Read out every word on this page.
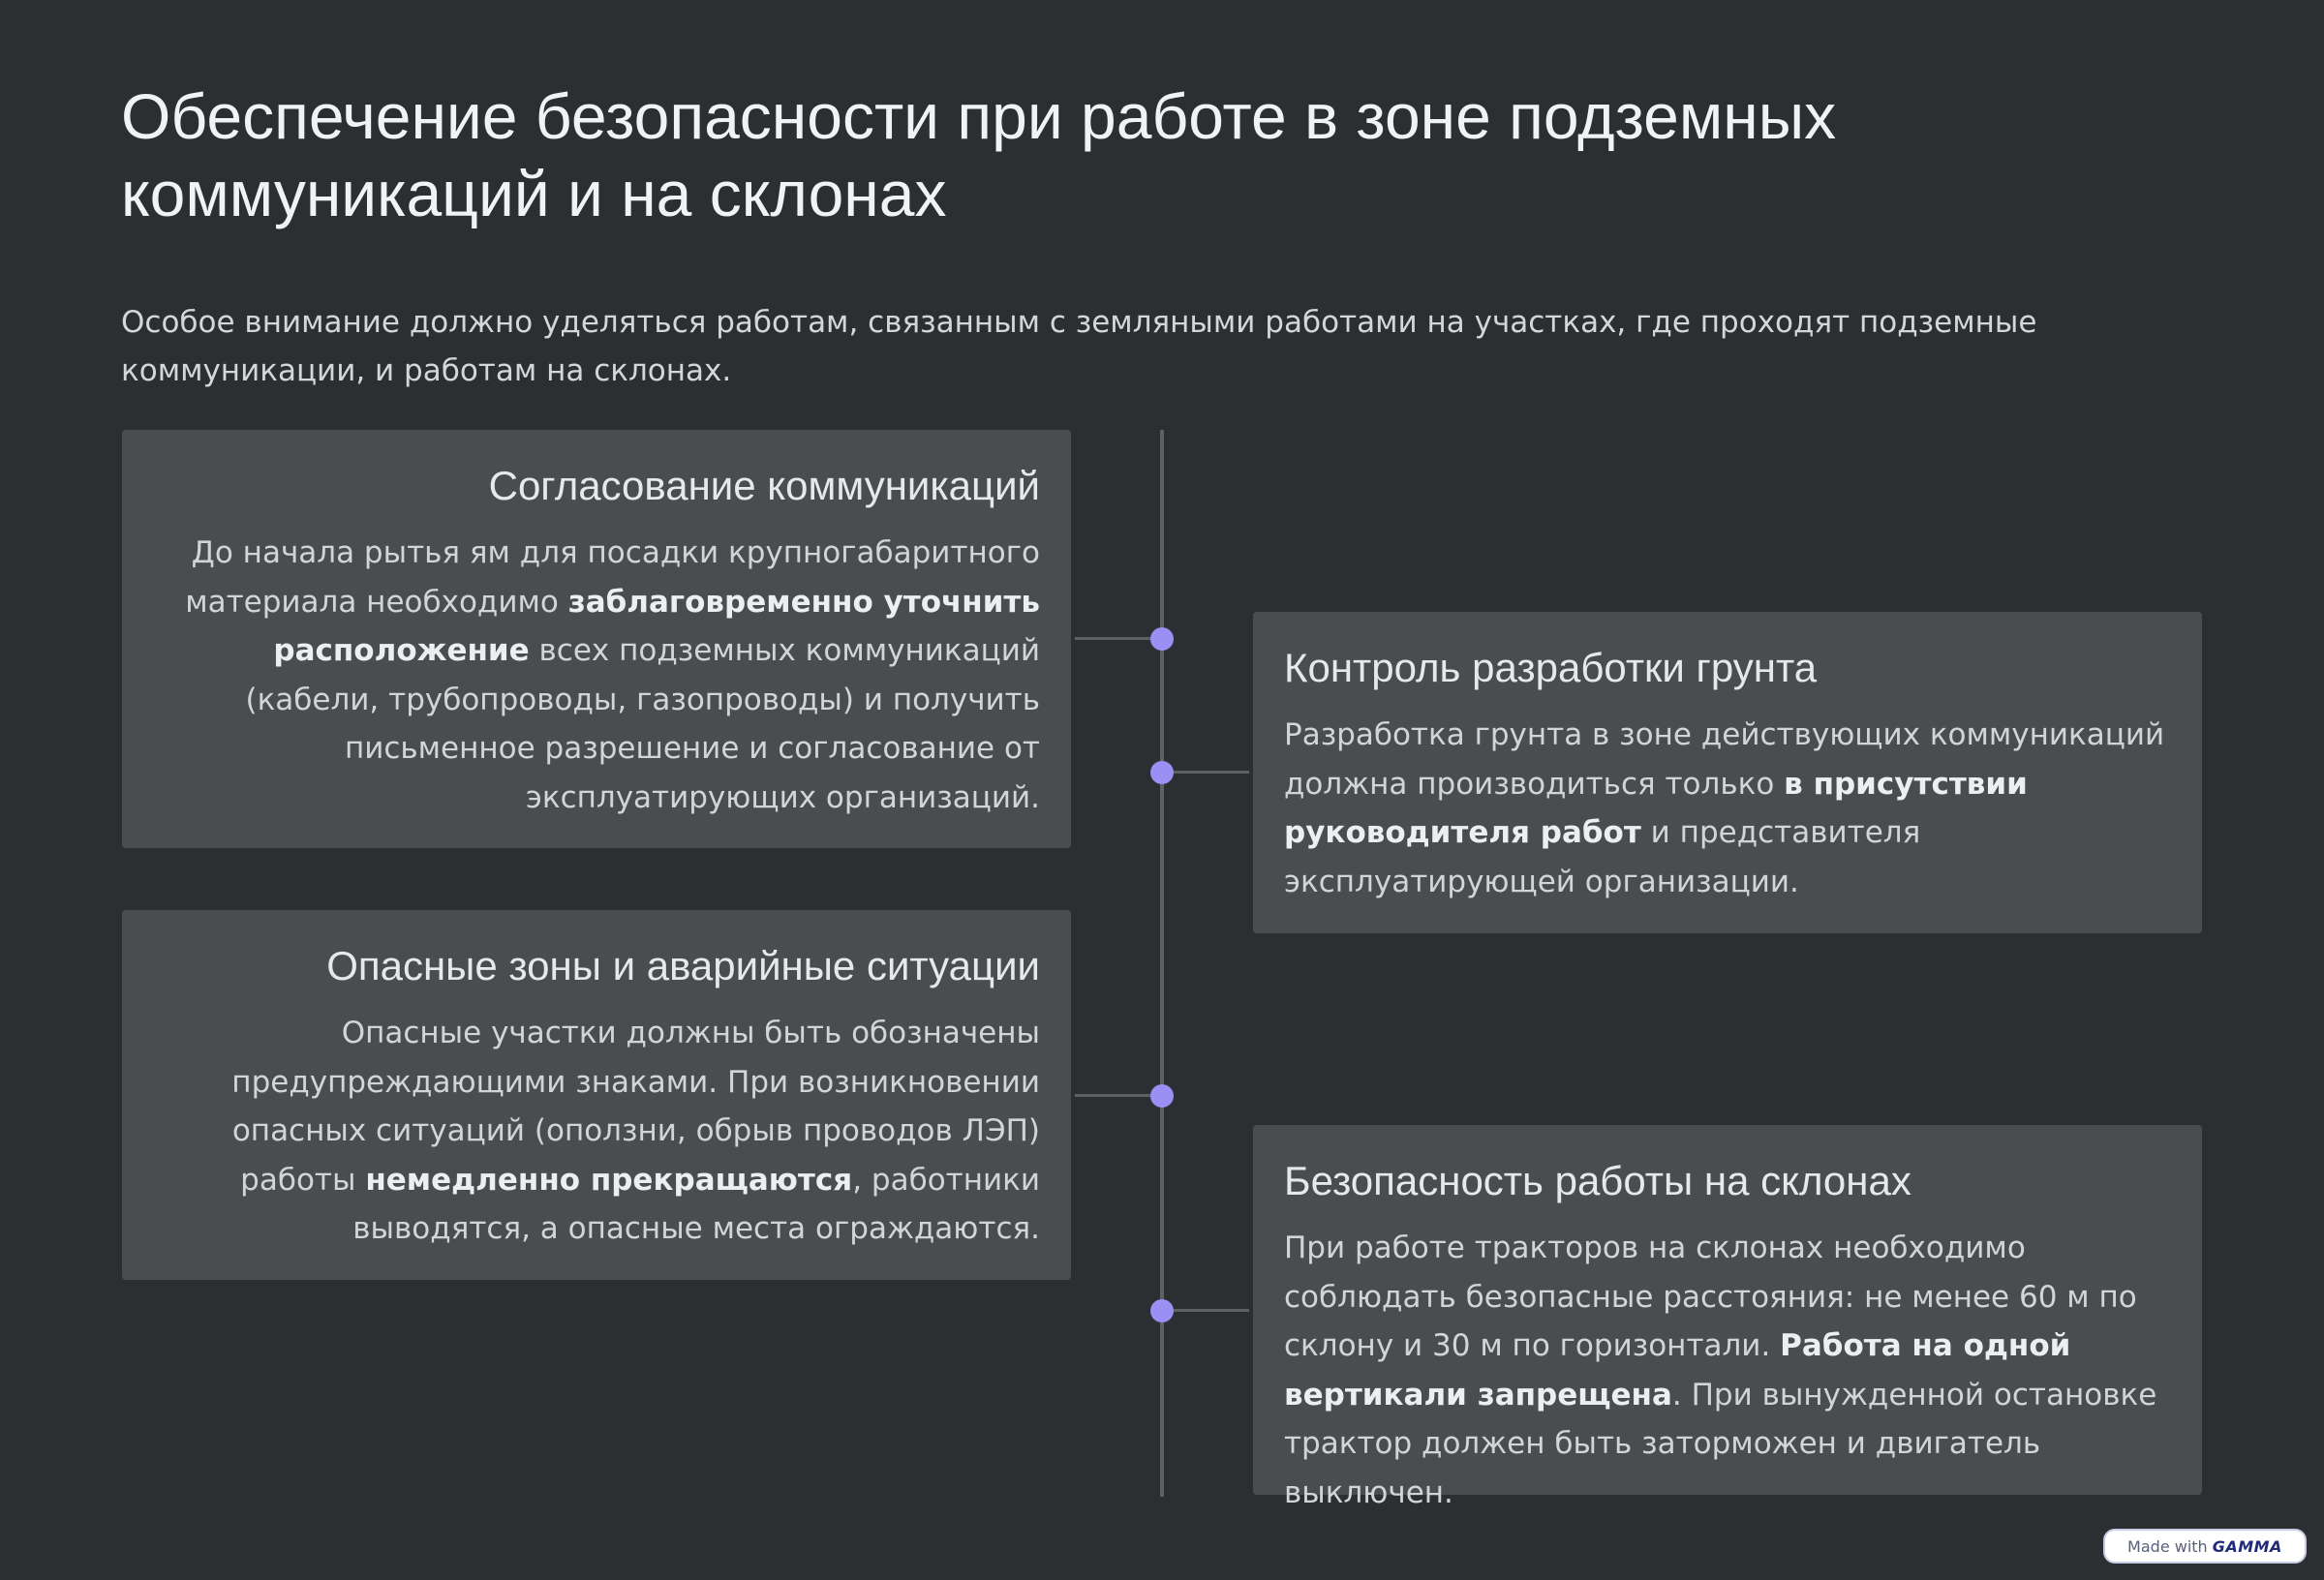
Обеспечение безопасности при работе в зоне подземных
коммуникаций и на склонах

Особое внимание должно уделяться работам, связанным с земляными работами на участках, где проходят подземные коммуникации, и работам на склонах.

Согласование коммуникаций

До начала рытья ям для посадки крупногабаритного материала необходимо заблаговременно уточнить расположение всех подземных коммуникаций (кабели, трубопроводы, газопроводы) и получить письменное разрешение и согласование от эксплуатирующих организаций.

Контроль разработки грунта

Разработка грунта в зоне действующих коммуникаций должна производиться только в присутствии руководителя работ и представителя эксплуатирующей организации.

Опасные зоны и аварийные ситуации

Опасные участки должны быть обозначены предупреждающими знаками. При возникновении опасных ситуаций (оползни, обрыв проводов ЛЭП) работы немедленно прекращаются, работники выводятся, а опасные места ограждаются.

Безопасность работы на склонах

При работе тракторов на склонах необходимо соблюдать безопасные расстояния: не менее 60 м по склону и 30 м по горизонтали. Работа на одной вертикали запрещена. При вынужденной остановке трактор должен быть заторможен и двигатель выключен.

Made with GAMMA
